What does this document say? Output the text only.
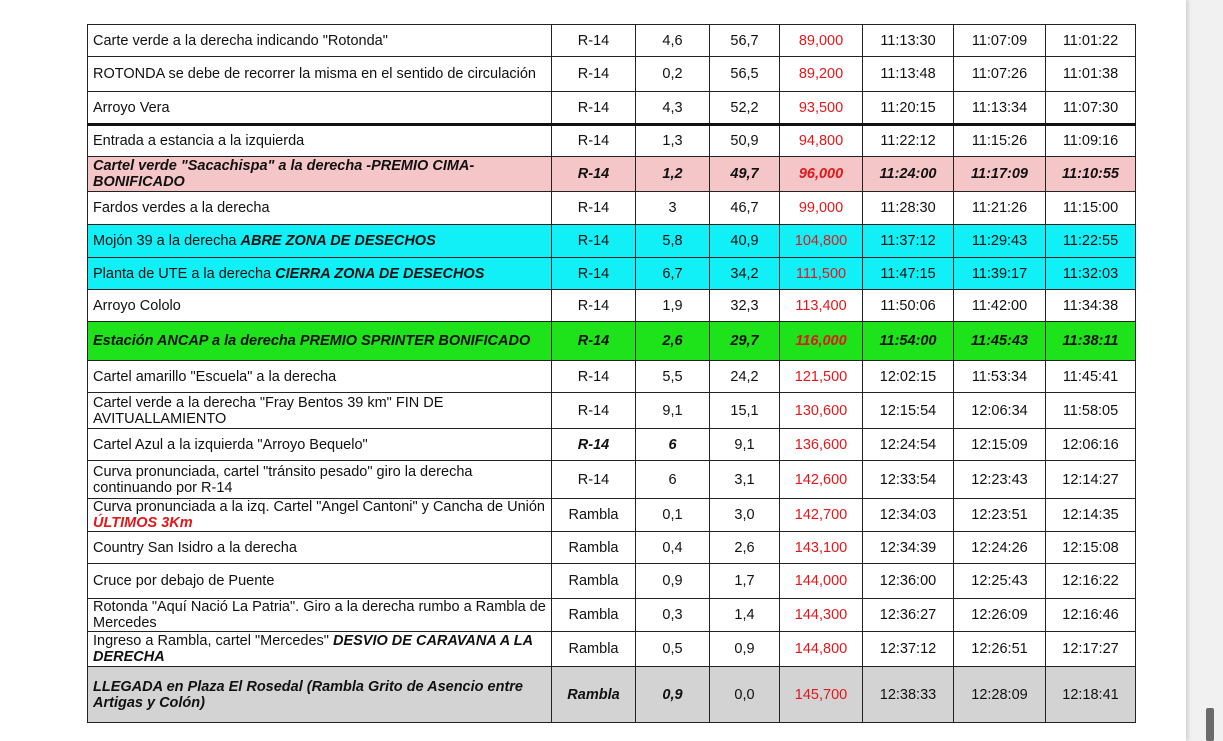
Carte verde a la derecha indicando "Rotonda"	R-14	4,6	56,7	89,000	11:13:30	11:07:09	11:01:22
ROTONDA se debe de recorrer la misma en el sentido de circulación	R-14	0,2	56,5	89,200	11:13:48	11:07:26	11:01:38
Arroyo Vera	R-14	4,3	52,2	93,500	11:20:15	11:13:34	11:07:30
Entrada a estancia a la izquierda	R-14	1,3	50,9	94,800	11:22:12	11:15:26	11:09:16
Cartel verde "Sacachispa" a la derecha -PREMIO CIMA- BONIFICADO	R-14	1,2	49,7	96,000	11:24:00	11:17:09	11:10:55
Fardos verdes a la derecha	R-14	3	46,7	99,000	11:28:30	11:21:26	11:15:00
Mojón 39 a la derecha ABRE ZONA DE DESECHOS	R-14	5,8	40,9	104,800	11:37:12	11:29:43	11:22:55
Planta de UTE a la derecha CIERRA ZONA DE DESECHOS	R-14	6,7	34,2	111,500	11:47:15	11:39:17	11:32:03
Arroyo Cololo	R-14	1,9	32,3	113,400	11:50:06	11:42:00	11:34:38
Estación ANCAP a la derecha PREMIO SPRINTER BONIFICADO	R-14	2,6	29,7	116,000	11:54:00	11:45:43	11:38:11
Cartel amarillo "Escuela" a la derecha	R-14	5,5	24,2	121,500	12:02:15	11:53:34	11:45:41
Cartel verde a la derecha "Fray Bentos 39 km" FIN DE AVITUALLAMIENTO	R-14	9,1	15,1	130,600	12:15:54	12:06:34	11:58:05
Cartel Azul a la izquierda "Arroyo Bequelo"	R-14	6	9,1	136,600	12:24:54	12:15:09	12:06:16
Curva pronunciada, cartel "tránsito pesado" giro la derecha continuando por R-14	R-14	6	3,1	142,600	12:33:54	12:23:43	12:14:27
Curva pronunciada a la izq. Cartel "Angel Cantoni" y Cancha de Unión ÚLTIMOS 3Km	Rambla	0,1	3,0	142,700	12:34:03	12:23:51	12:14:35
Country San Isidro a la derecha	Rambla	0,4	2,6	143,100	12:34:39	12:24:26	12:15:08
Cruce por debajo de Puente	Rambla	0,9	1,7	144,000	12:36:00	12:25:43	12:16:22
Rotonda "Aquí Nació La Patria". Giro a la derecha rumbo a Rambla de Mercedes	Rambla	0,3	1,4	144,300	12:36:27	12:26:09	12:16:46
Ingreso a Rambla, cartel "Mercedes" DESVIO DE CARAVANA A LA DERECHA	Rambla	0,5	0,9	144,800	12:37:12	12:26:51	12:17:27
LLEGADA en Plaza El Rosedal (Rambla Grito de Asencio entre Artigas y Colón)	Rambla	0,9	0,0	145,700	12:38:33	12:28:09	12:18:41
